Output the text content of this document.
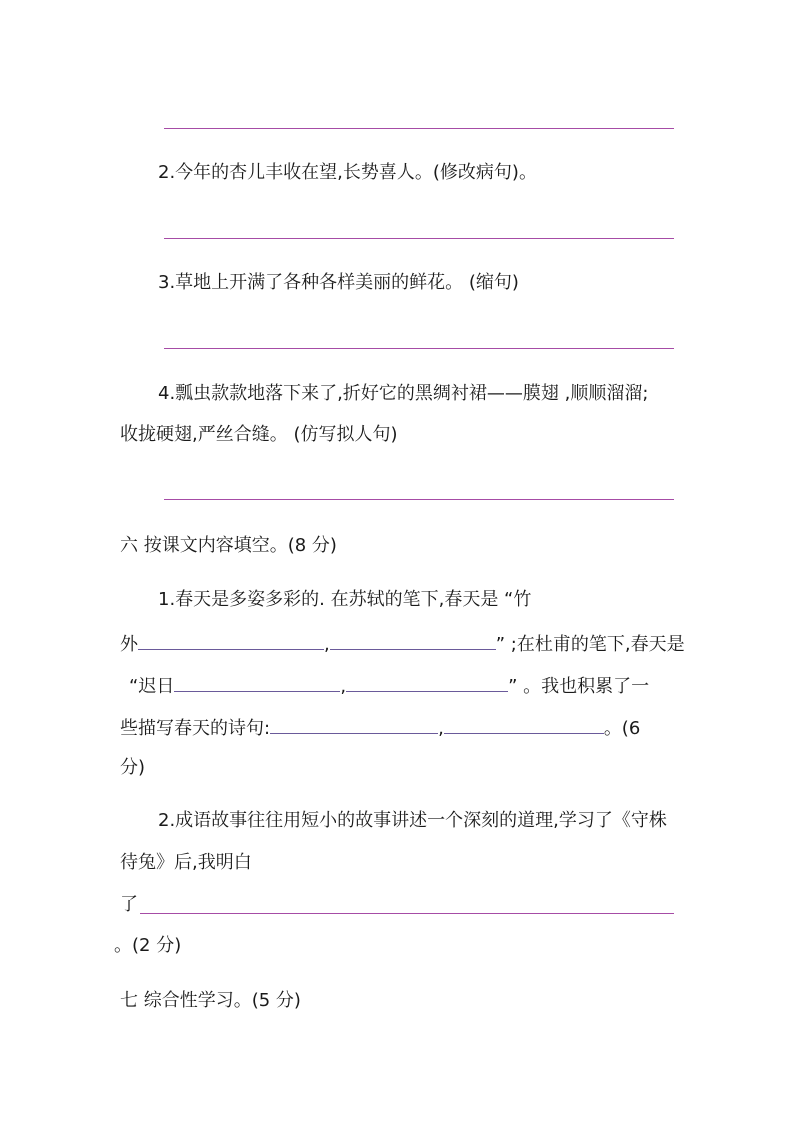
2.今年的杏儿丰收在望,长势喜人。(修改病句)。
3.草地上开满了各种各样美丽的鲜花。 (缩句)
4.瓢虫款款地落下来了,折好它的黑绸衬裙——膜翅 ,顺顺溜溜;
收拢硬翅,严丝合缝。 (仿写拟人句)
六 按课文内容填空。(8 分)
1.春天是多姿多彩的. 在苏轼的笔下,春天是 “竹
外	,	” ;在杜甫的笔下,春天是
“迟日	,	” 。我也积累了一
些描写春天的诗句:	,	。(6
分)
2.成语故事往往用短小的故事讲述一个深刻的道理,学习了《守株
待兔》后,我明白
了
。(2 分)
七 综合性学习。(5 分)
